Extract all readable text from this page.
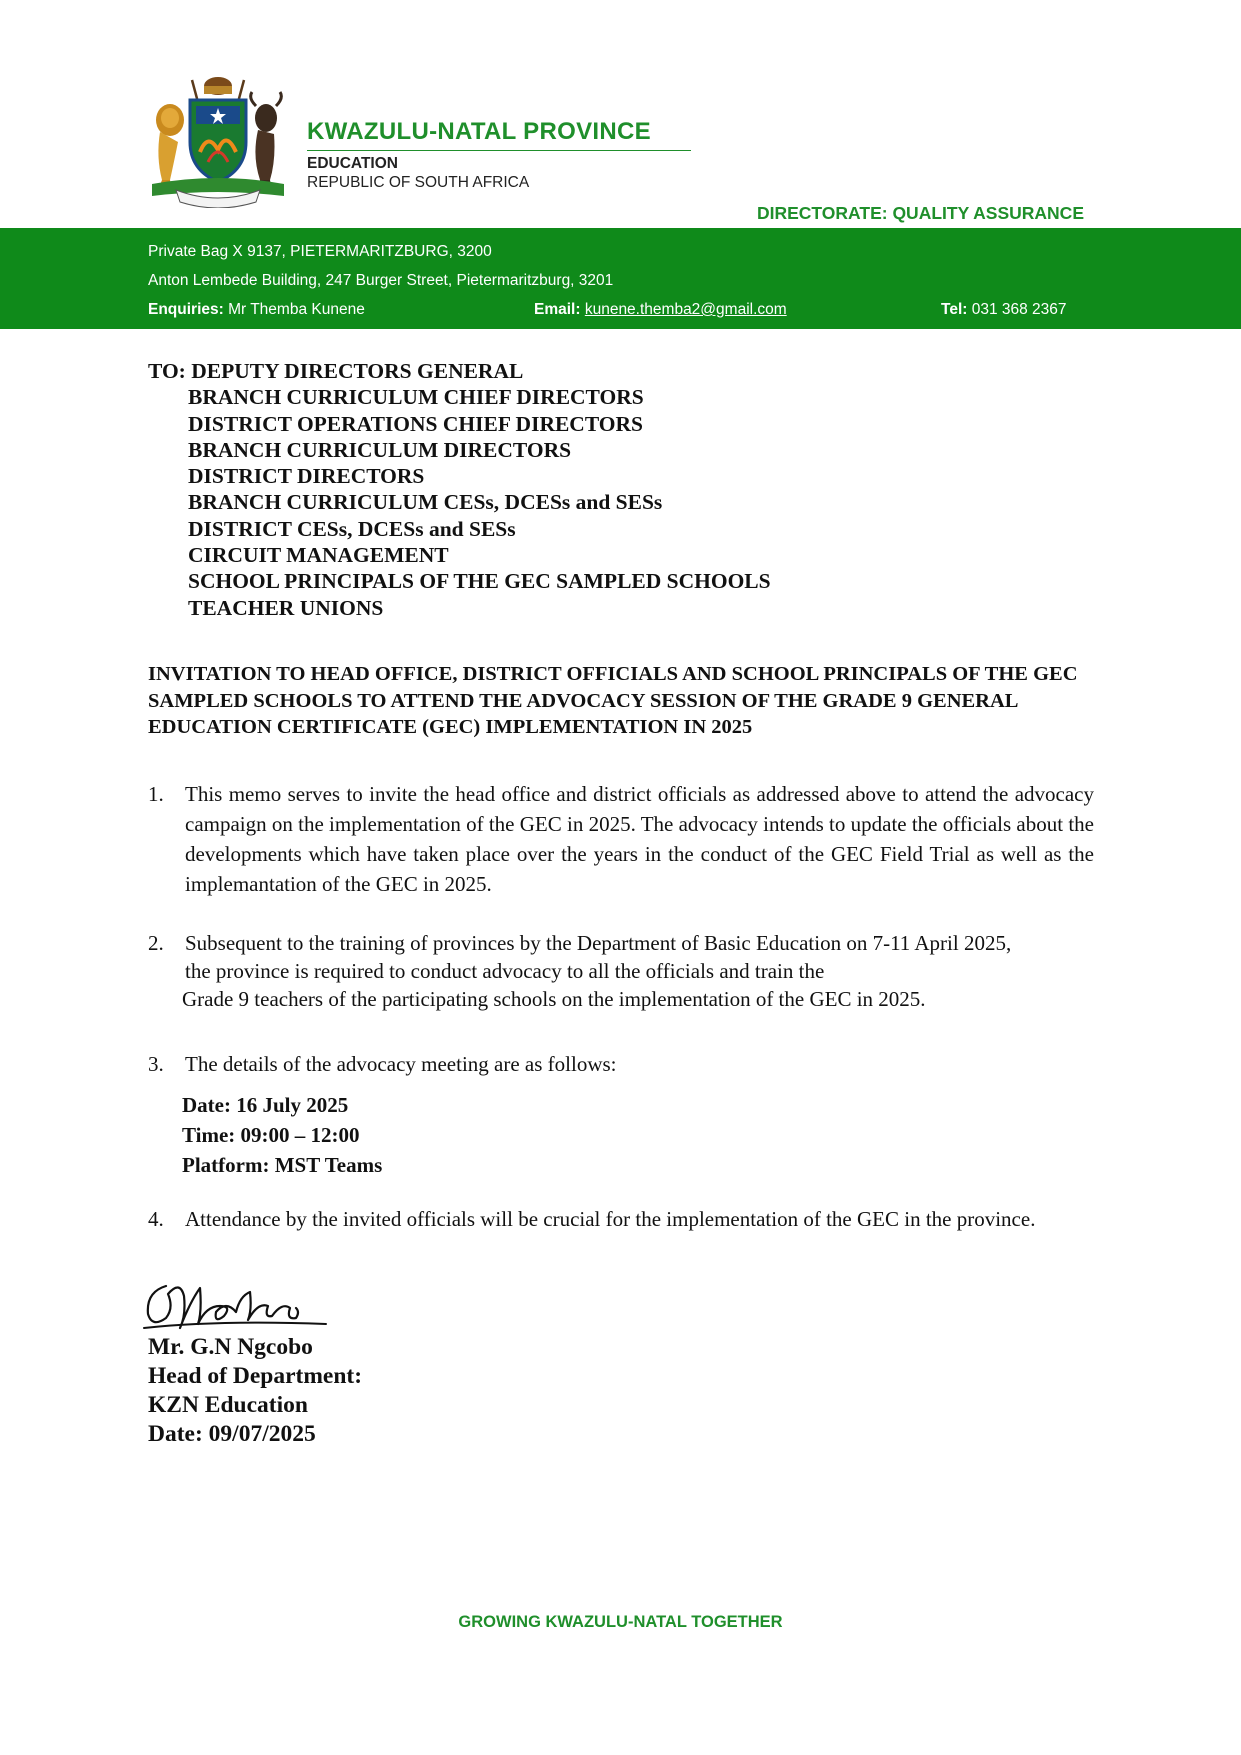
KWAZULU-NATAL PROVINCE
EDUCATION
REPUBLIC OF SOUTH AFRICA
DIRECTORATE: QUALITY ASSURANCE
Private Bag X 9137, PIETERMARITZBURG, 3200
Anton Lembede Building, 247 Burger Street, Pietermaritzburg, 3201
Enquiries: Mr Themba Kunene	Email: kunene.themba2@gmail.com	Tel: 031 368 2367
TO: DEPUTY DIRECTORS GENERAL
BRANCH CURRICULUM CHIEF DIRECTORS
DISTRICT OPERATIONS CHIEF DIRECTORS
BRANCH CURRICULUM DIRECTORS
DISTRICT DIRECTORS
BRANCH CURRICULUM CESs, DCESs and SESs
DISTRICT CESs, DCESs and SESs
CIRCUIT MANAGEMENT
SCHOOL PRINCIPALS OF THE GEC SAMPLED SCHOOLS
TEACHER UNIONS
INVITATION TO HEAD OFFICE, DISTRICT OFFICIALS AND SCHOOL PRINCIPALS OF THE GEC SAMPLED SCHOOLS TO ATTEND THE ADVOCACY SESSION OF THE GRADE 9 GENERAL EDUCATION CERTIFICATE (GEC) IMPLEMENTATION IN 2025
1. This memo serves to invite the head office and district officials as addressed above to attend the advocacy campaign on the implementation of the GEC in 2025. The advocacy intends to update the officials about the developments which have taken place over the years in the conduct of the GEC Field Trial as well as the implemantation of the GEC in 2025.
2. Subsequent to the training of provinces by the Department of Basic Education on 7-11 April 2025,
the province is required to conduct advocacy to all the officials and train the
Grade 9 teachers of the participating schools on the implementation of the GEC in 2025.
3. The details of the advocacy meeting are as follows:
Date: 16 July 2025
Time: 09:00 – 12:00
Platform: MST Teams
4. Attendance by the invited officials will be crucial for the implementation of the GEC in the province.
Mr. G.N Ngcobo
Head of Department:
KZN Education
Date: 09/07/2025
GROWING KWAZULU-NATAL TOGETHER
